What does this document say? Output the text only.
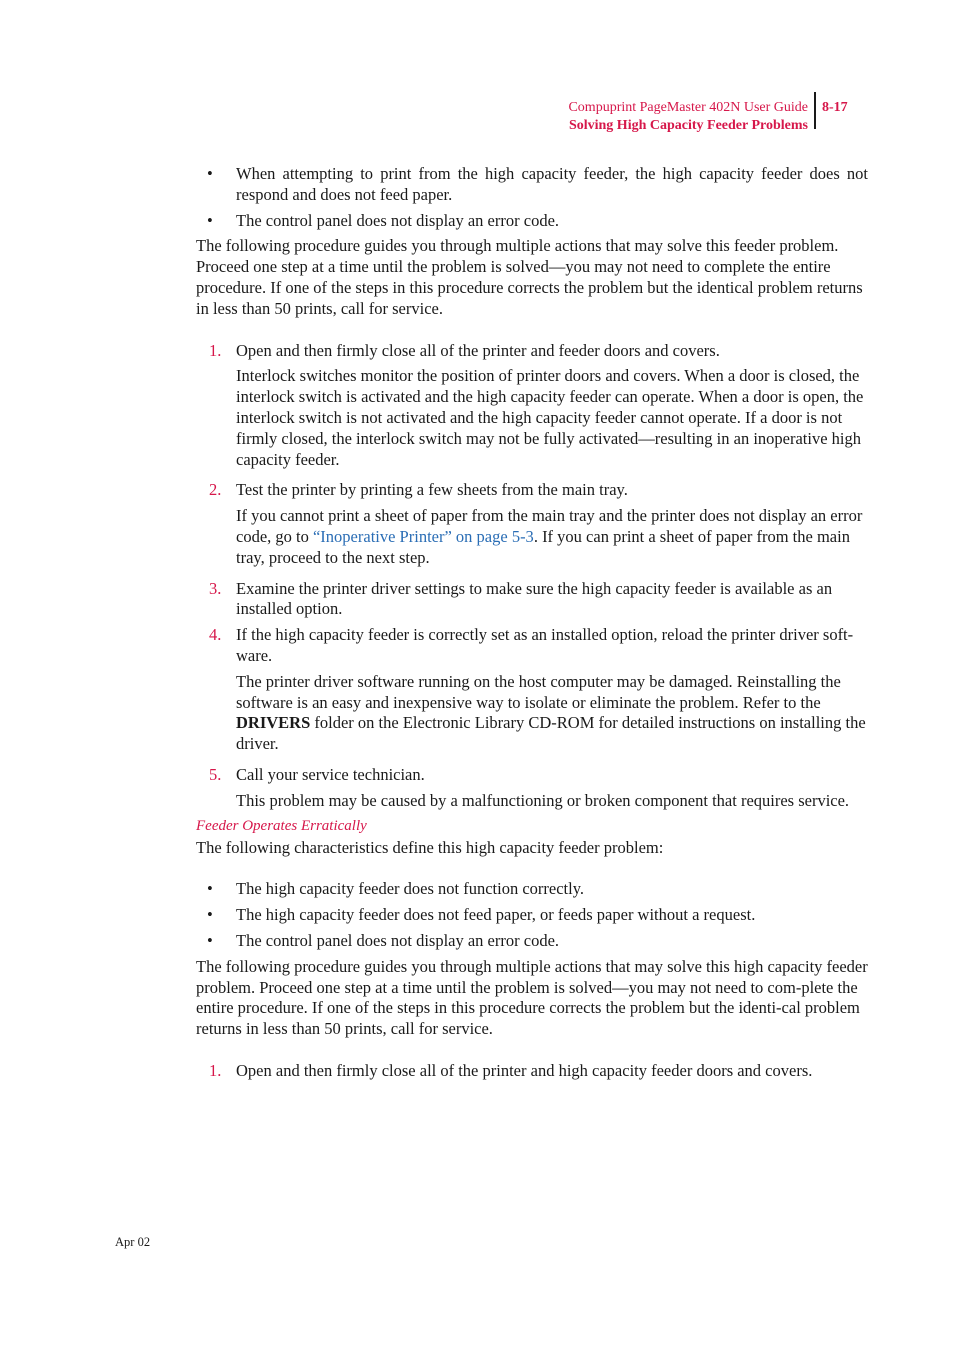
Compuprint PageMaster 402N User Guide
Solving High Capacity Feeder Problems
8-17
• When attempting to print from the high capacity feeder, the high capacity feeder does not respond and does not feed paper.
• The control panel does not display an error code.

The following procedure guides you through multiple actions that may solve this feeder problem. Proceed one step at a time until the problem is solved—you may not need to complete the entire procedure. If one of the steps in this procedure corrects the problem but the identical problem returns in less than 50 prints, call for service.

1. Open and then firmly close all of the printer and feeder doors and covers.

Interlock switches monitor the position of printer doors and covers. When a door is closed, the interlock switch is activated and the high capacity feeder can operate. When a door is open, the interlock switch is not activated and the high capacity feeder cannot operate. If a door is not firmly closed, the interlock switch may not be fully activated—resulting in an inoperative high capacity feeder.

2. Test the printer by printing a few sheets from the main tray.

If you cannot print a sheet of paper from the main tray and the printer does not display an error code, go to “Inoperative Printer” on page 5-3. If you can print a sheet of paper from the main tray, proceed to the next step.

3. Examine the printer driver settings to make sure the high capacity feeder is available as an installed option.
4. If the high capacity feeder is correctly set as an installed option, reload the printer driver soft-ware.

The printer driver software running on the host computer may be damaged. Reinstalling the software is an easy and inexpensive way to isolate or eliminate the problem. Refer to the DRIVERS folder on the Electronic Library CD-ROM for detailed instructions on installing the driver.

5. Call your service technician.

This problem may be caused by a malfunctioning or broken component that requires service.

Feeder Operates Erratically

The following characteristics define this high capacity feeder problem:

• The high capacity feeder does not function correctly.
• The high capacity feeder does not feed paper, or feeds paper without a request.
• The control panel does not display an error code.

The following procedure guides you through multiple actions that may solve this high capacity feeder problem. Proceed one step at a time until the problem is solved—you may not need to com-plete the entire procedure. If one of the steps in this procedure corrects the problem but the identi-cal problem returns in less than 50 prints, call for service.

1. Open and then firmly close all of the printer and high capacity feeder doors and covers.
Apr 02
